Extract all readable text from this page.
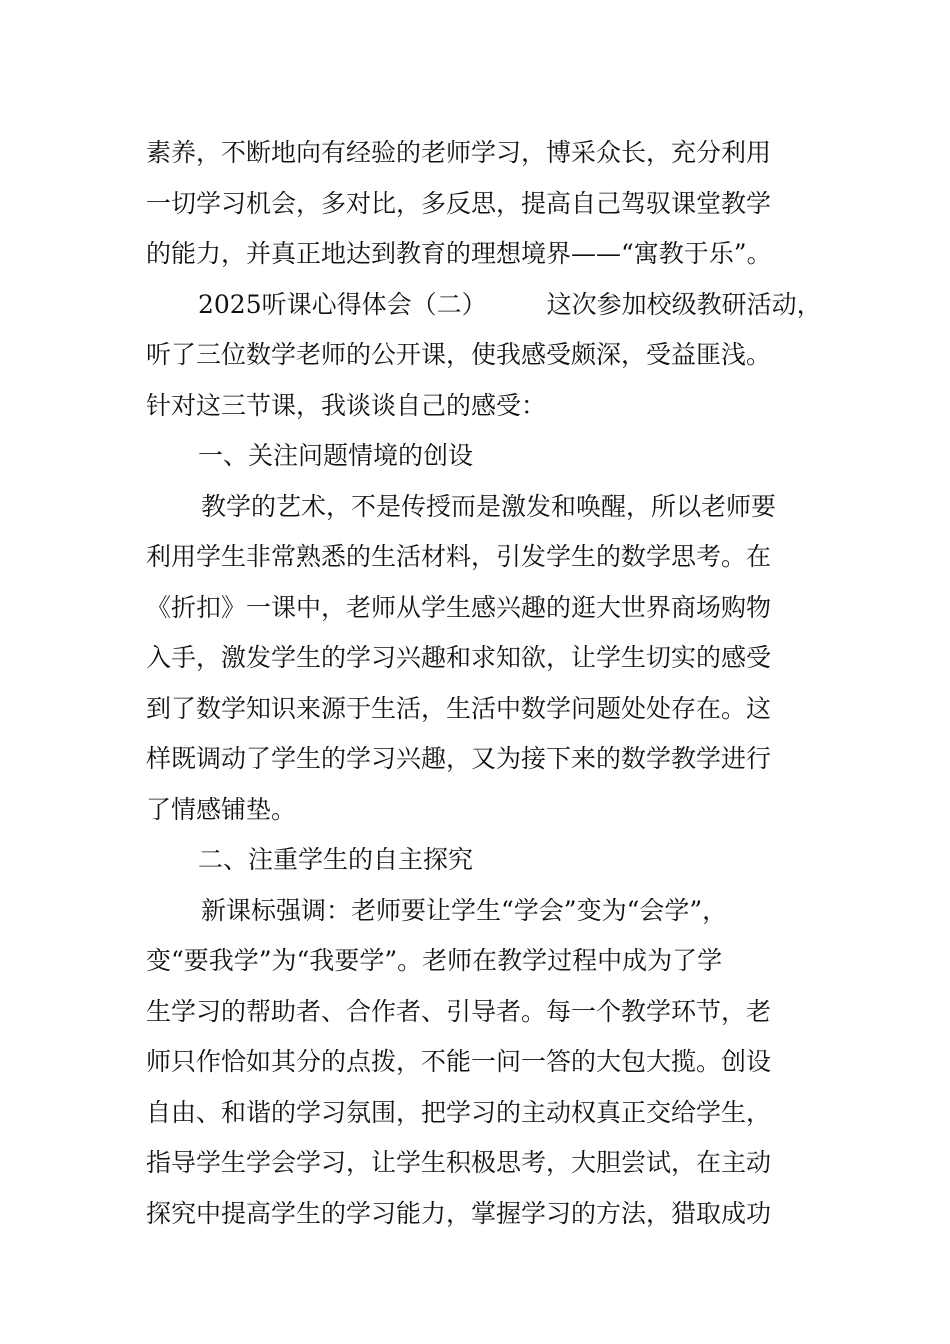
素养，不断地向有经验的老师学习，博采众长，充分利用
一切学习机会，多对比，多反思，提高自己驾驭课堂教学
的能力，并真正地达到教育的理想境界——“寓教于乐”。
2025听课心得体会（二） 这次参加校级教研活动，
听了三位数学老师的公开课，使我感受颇深，受益匪浅。
针对这三节课，我谈谈自己的感受：
一、关注问题情境的创设
教学的艺术，不是传授而是激发和唤醒，所以老师要
利用学生非常熟悉的生活材料，引发学生的数学思考。在
《折扣》一课中，老师从学生感兴趣的逛大世界商场购物
入手，激发学生的学习兴趣和求知欲，让学生切实的感受
到了数学知识来源于生活，生活中数学问题处处存在。这
样既调动了学生的学习兴趣，又为接下来的数学教学进行
了情感铺垫。
二、注重学生的自主探究
新课标强调：老师要让学生“学会”变为“会学”，
变“要我学”为“我要学”。老师在教学过程中成为了学
生学习的帮助者、合作者、引导者。每一个教学环节，老
师只作恰如其分的点拨，不能一问一答的大包大揽。创设
自由、和谐的学习氛围，把学习的主动权真正交给学生，
指导学生学会学习，让学生积极思考，大胆尝试，在主动
探究中提高学生的学习能力，掌握学习的方法，猎取成功
